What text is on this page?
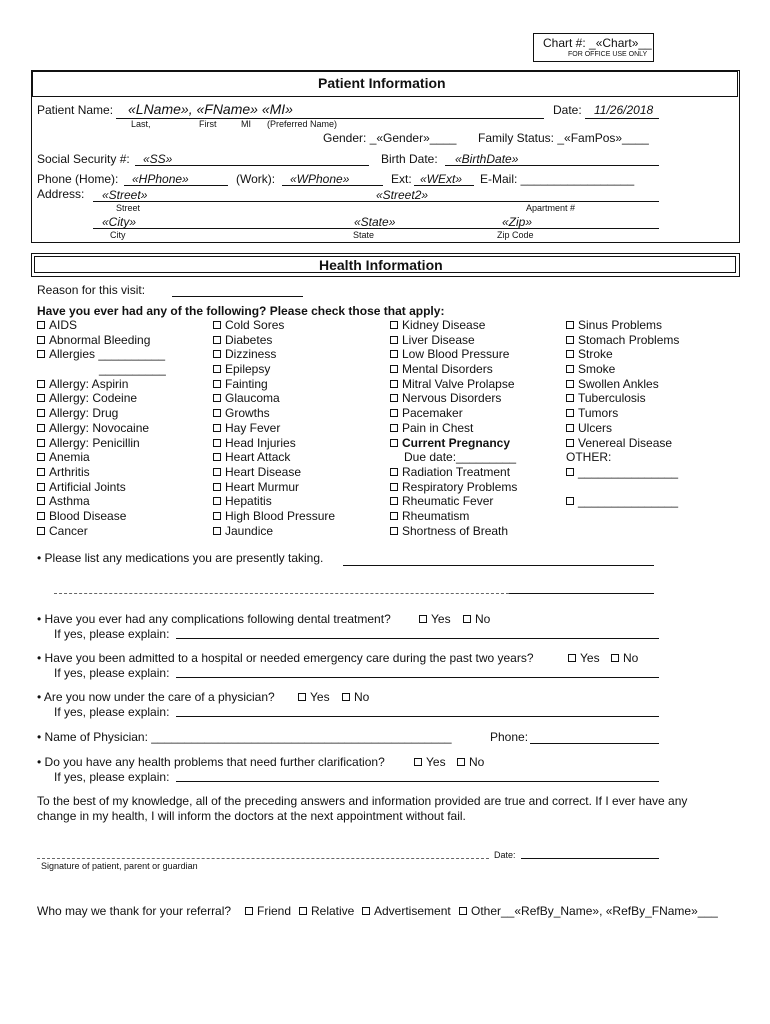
Chart #: _«Chart»__
FOR OFFICE USE ONLY
Patient Information
Patient Name: «LName», «FName» «MI»	Date: 11/26/2018
Last,	First	MI (Preferred Name)
Gender: _«Gender»____ Family Status: _«FamPos»____
Social Security #: «SS»	Birth Date: «BirthDate»
Phone (Home): «HPhone»	(Work): «WPhone»	Ext: «WExt» E-Mail: _________________
Address: «Street»	«Street2»
Street	Apartment #
«City»	«State»	«Zip»
City	State	Zip Code
Health Information
Reason for this visit:
Have you ever had any of the following? Please check those that apply:
AIDS
Abnormal Bleeding
Allergies __________
__________
Allergy: Aspirin
Allergy: Codeine
Allergy: Drug
Allergy: Novocaine
Allergy: Penicillin
Anemia
Arthritis
Artificial Joints
Asthma
Blood Disease
Cancer
Cold Sores
Diabetes
Dizziness
Epilepsy
Fainting
Glaucoma
Growths
Hay Fever
Head Injuries
Heart Attack
Heart Disease
Heart Murmur
Hepatitis
High Blood Pressure
Jaundice
Kidney Disease
Liver Disease
Low Blood Pressure
Mental Disorders
Mitral Valve Prolapse
Nervous Disorders
Pacemaker
Pain in Chest
Current Pregnancy
Due date:_________
Radiation Treatment
Respiratory Problems
Rheumatic Fever
Rheumatism
Shortness of Breath
Sinus Problems
Stomach Problems
Stroke
Smoke
Swollen Ankles
Tuberculosis
Tumors
Ulcers
Venereal Disease
OTHER:
_______________
_______________
• Please list any medications you are presently taking.
• Have you ever had any complications following dental treatment?	Yes	No
If yes, please explain:
• Have you been admitted to a hospital or needed emergency care during the past two years?	Yes	No
If yes, please explain:
• Are you now under the care of a physician?	Yes	No
If yes, please explain:
• Name of Physician: _____________________________________________	Phone:
• Do you have any health problems that need further clarification?	Yes	No
If yes, please explain:
To the best of my knowledge, all of the preceding answers and information provided are true and correct. If I ever have any
change in my health, I will inform the doctors at the next appointment without fail.
Date:
Signature of patient, parent or guardian
Who may we thank for your referral?	Friend	Relative	Advertisement	Other__«RefBy_Name», «RefBy_FName»___
